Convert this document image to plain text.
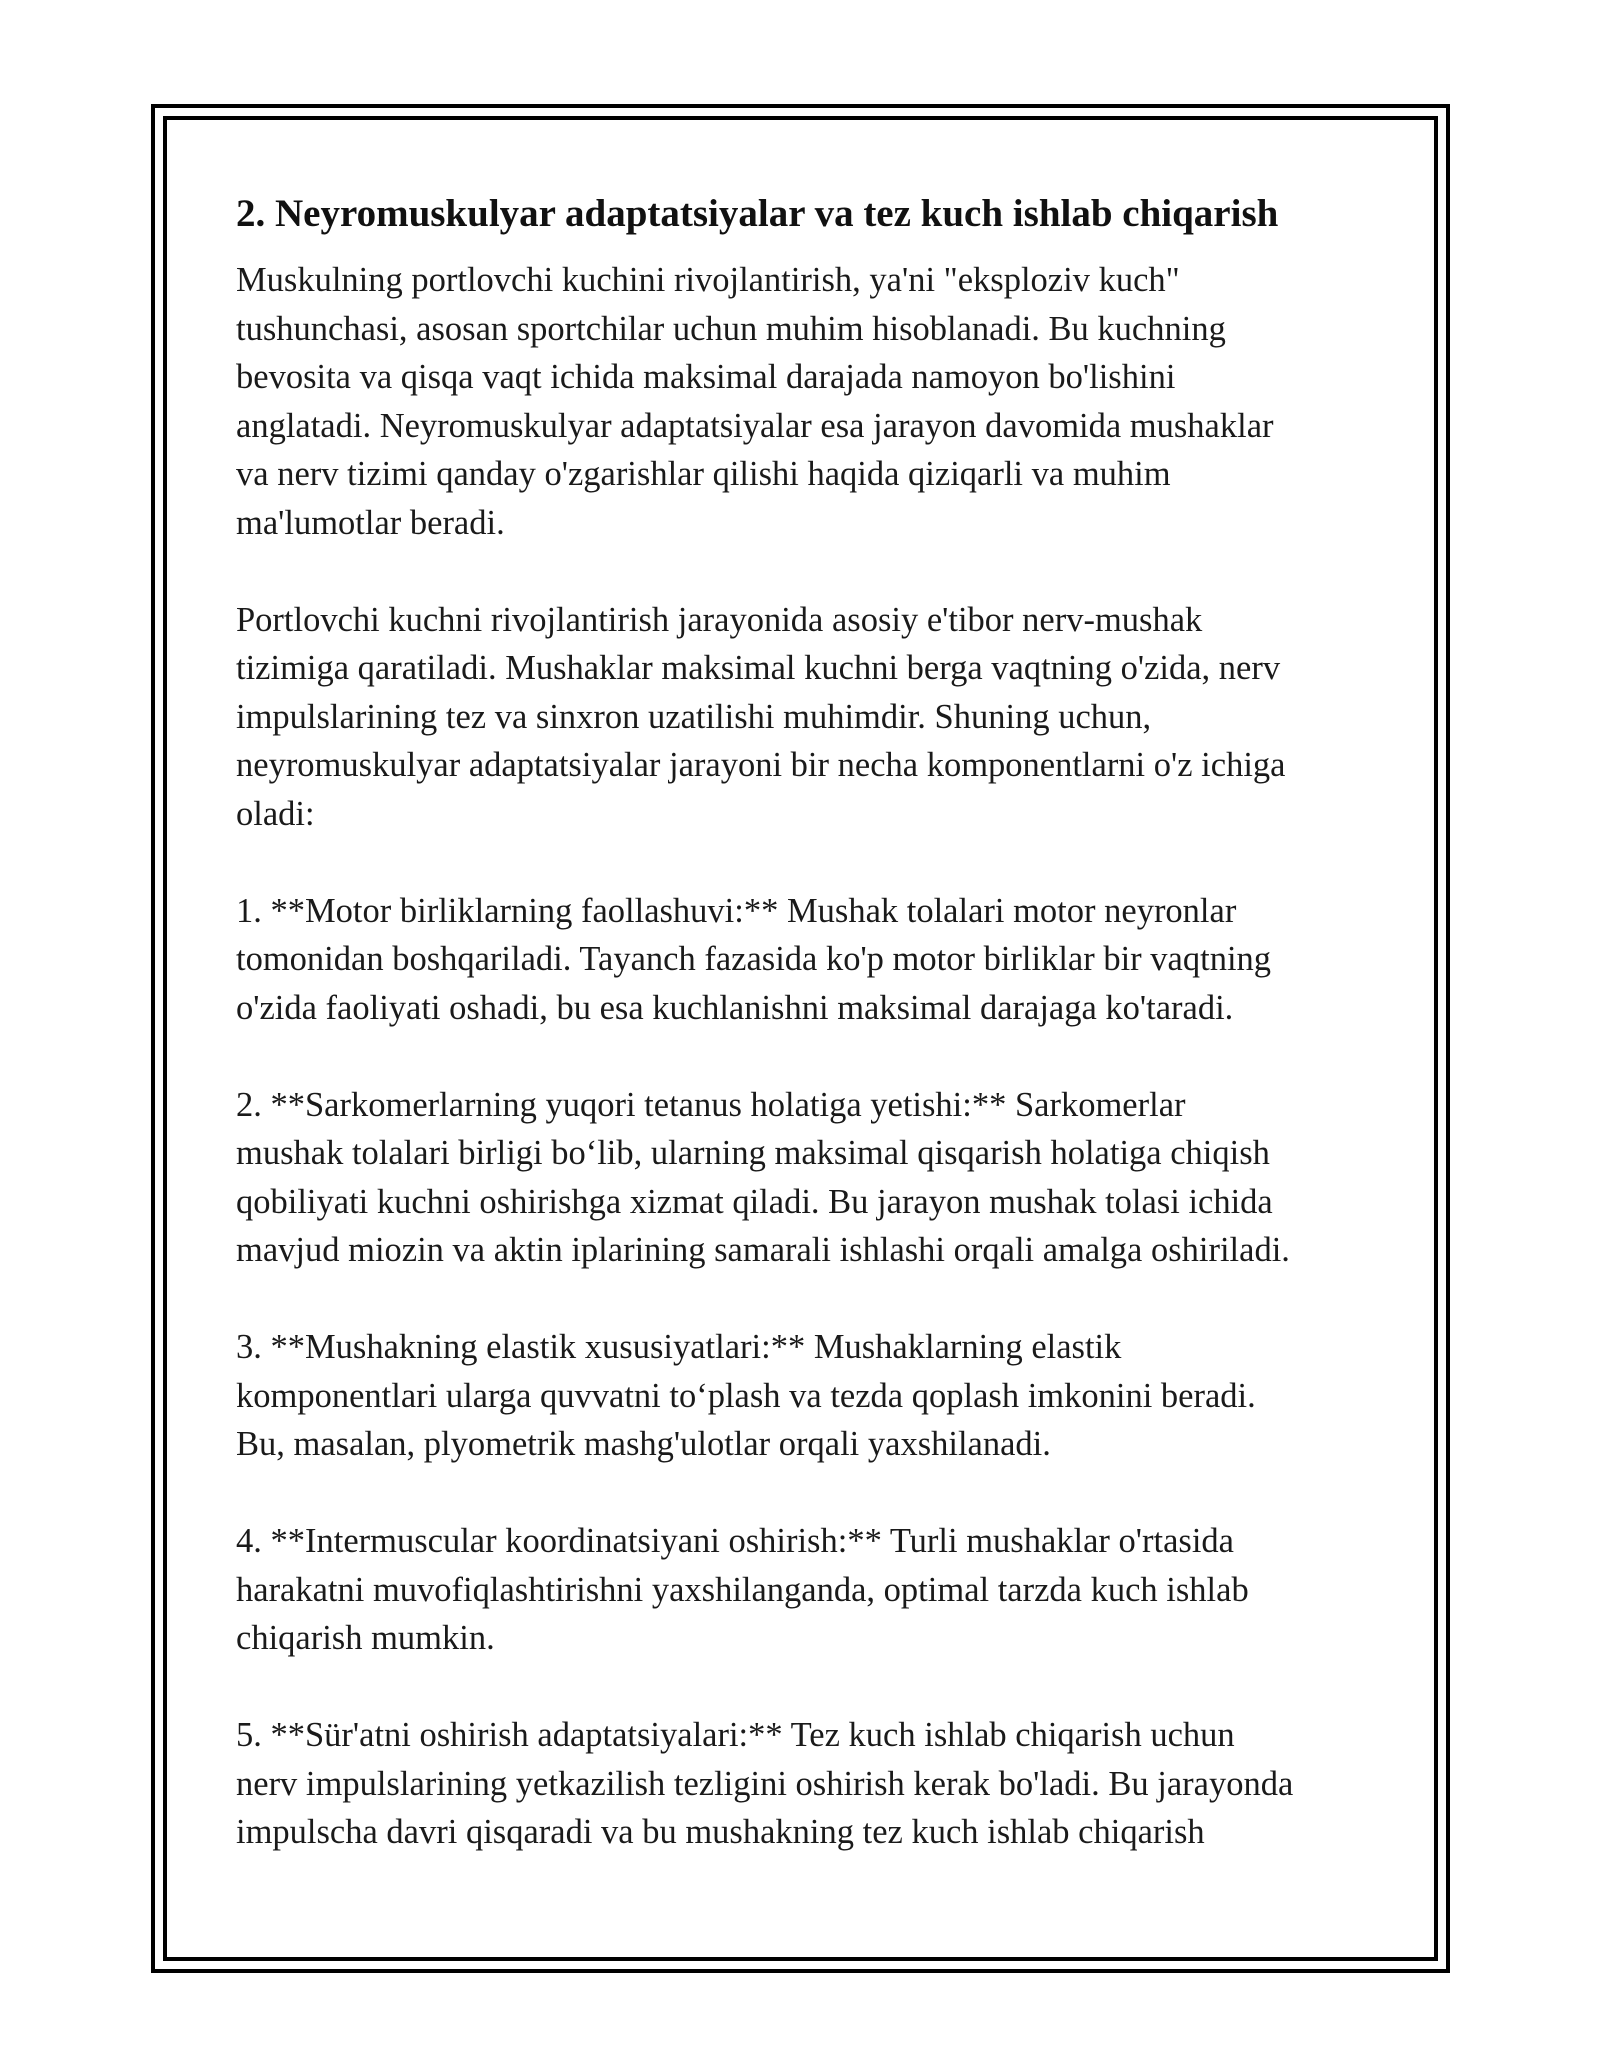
2. Neyromuskulyar adaptatsiyalar va tez kuch ishlab chiqarish

Muskulning portlovchi kuchini rivojlantirish, ya'ni "eksploziv kuch"
tushunchasi, asosan sportchilar uchun muhim hisoblanadi. Bu kuchning
bevosita va qisqa vaqt ichida maksimal darajada namoyon bo'lishini
anglatadi. Neyromuskulyar adaptatsiyalar esa jarayon davomida mushaklar
va nerv tizimi qanday o'zgarishlar qilishi haqida qiziqarli va muhim
ma'lumotlar beradi.

Portlovchi kuchni rivojlantirish jarayonida asosiy e'tibor nerv-mushak
tizimiga qaratiladi. Mushaklar maksimal kuchni berga vaqtning o'zida, nerv
impulslarining tez va sinxron uzatilishi muhimdir. Shuning uchun,
neyromuskulyar adaptatsiyalar jarayoni bir necha komponentlarni o'z ichiga
oladi:

1. **Motor birliklarning faollashuvi:** Mushak tolalari motor neyronlar
tomonidan boshqariladi. Tayanch fazasida ko'p motor birliklar bir vaqtning
o'zida faoliyati oshadi, bu esa kuchlanishni maksimal darajaga ko'taradi.

2. **Sarkomerlarning yuqori tetanus holatiga yetishi:** Sarkomerlar
mushak tolalari birligi bo‘lib, ularning maksimal qisqarish holatiga chiqish
qobiliyati kuchni oshirishga xizmat qiladi. Bu jarayon mushak tolasi ichida
mavjud miozin va aktin iplarining samarali ishlashi orqali amalga oshiriladi.

3. **Mushakning elastik xususiyatlari:** Mushaklarning elastik
komponentlari ularga quvvatni to‘plash va tezda qoplash imkonini beradi.
Bu, masalan, plyometrik mashg'ulotlar orqali yaxshilanadi.

4. **Intermuscular koordinatsiyani oshirish:** Turli mushaklar o'rtasida
harakatni muvofiqlashtirishni yaxshilanganda, optimal tarzda kuch ishlab
chiqarish mumkin.

5. **Sür'atni oshirish adaptatsiyalari:** Tez kuch ishlab chiqarish uchun
nerv impulslarining yetkazilish tezligini oshirish kerak bo'ladi. Bu jarayonda
impulscha davri qisqaradi va bu mushakning tez kuch ishlab chiqarish
